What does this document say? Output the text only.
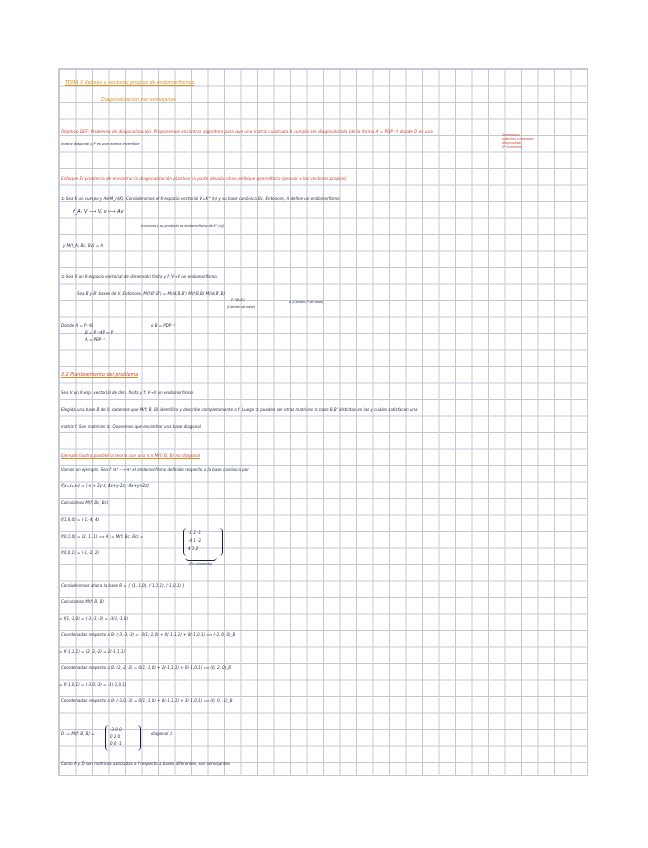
TEMA 3 Valores y vectores propios de endomorfismos
Diagonalización por semejanza
Objetivo DEF: Problema de diagonalización. Proponemos encontrar algoritmo para que una matriz cuadrada A cumpla ser diagonalizada (de la forma A = PDP⁻¹) donde D es una
matriz diagonal y P es una matriz invertible
Semejanza
matrices cuadradas
diagonalizar
(P invertible)
Enfoque El problema de encontrar la diagonalización plantear la parte ideada cómo enfoque geométrico (pensar a los vectores propios)
① Sea K un cuerpo y A∈M_n(K). Consideramos el K-espacio vectorial V=K^(n) y su base canónica Bc. Entonces, A define un endomorfismo
f_A: V ⟶ V, v ⟼ Av
(columna y su producto es endomorfismo de K^(n))
y M(f_A; Bc, Bc) = A
② Sea V un K-espacio vectorial de dimensión finita y f: V→V un endomorfismo.
Sea B y B' bases de V. Entonces, M(f;B',B') = M(id;B,B') M(f;B,B) M(id;B',B)
P⁻¹(B,B')
(Cambio de base)
A (Cambio P de base)
Donde A = P⁻¹B
B = P⁻¹AP ⇒ P
A = PBP⁻¹
o B = PDP⁻¹
3.2 Planteamiento del problema
Sea V un K-esp. vectorial de dim. finita y f: V→V un endomorfismo.
Elegida una base B de V, sabemos que M(f; B, B) identifica y describe completamente a f. Luego ① pueden ser otras matrices ② base B,B' distintas en las y cuáles satisfacen una
matriz f. Son matrices ②. Queremos que encontrar una base diagonal
Ejemplo Ilustra posible la teoría con una n.n M(f; B, B) no diagonal
Vamos un ejemplo. Sea f: ℝ³ ⟶ ℝ³ el endomorfismo definido respecto a la base canónica por
f(x₁,x₂,x₃) = (-x + 2y-z, 4x+y-2z, -4x+y+2z)
Calculamos M(f; Bc, Bc)
f(1,0,0) = (-1,-4, 4)
f(0,1,0) = (2, 1, 1) ⟹ A := M(f; Bc, Bc) =
f(0,0,1) = (-1,-2, 2)
-1 2 -1
-4 1 -2
4 1 2
(En columnas)
Consideremos ahora la base B = { (1,-1,0), (-1,1,1), (-1,0,1) }
Calculamos M(f; B, B)
= f(1,-1,0) = (-3,-3,-3) = -3(1,-1,0)
Coordenadas respecto a B: (-3,-3,-3) = -3(1,-1,0) + 0(-1,1,1) + 0(-1,0,1) ⟹ (-3, 0, 0)_B
= f(-1,1,1) = (2,-2,-2) = 2(-1,1,1)
Coordenadas respecto a B: (2,-2,-2) = 0(1,-1,0) + 2(-1,1,1) + 0(-1,0,1) ⟹ (0, 2, 0)_B
= f(-1,0,1) = (-3,0,-3) = -1(-1,0,1)
Coordenadas respecto a B: (-3,0,-3) = 0(1,-1,0) + 0(-1,1,1) + 3(-1,0,1) ⟹ (0, 0, -1)_B
D := M(f; B, B) =
-3 0 0
0 2 0
0 0 -1
diagonal :)
Como A y D son matrices asociadas a f respecto a bases diferentes, son semejantes
